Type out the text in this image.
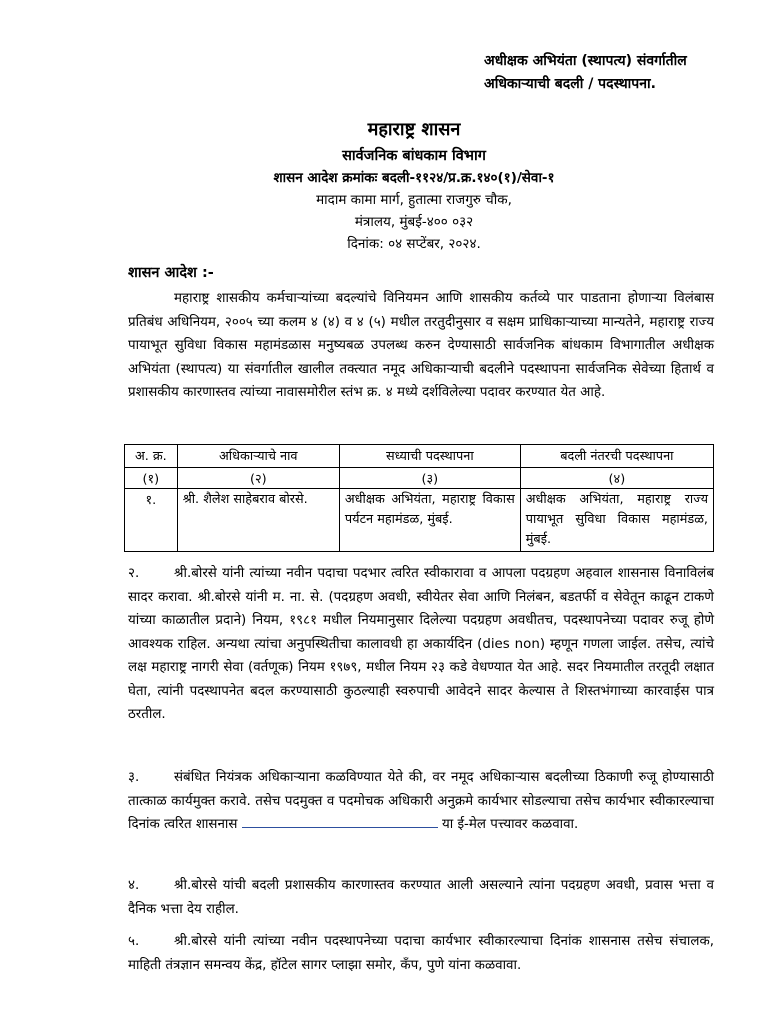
अधीक्षक अभियंता (स्थापत्य) संवर्गातील
अधिकाऱ्याची बदली / पदस्थापना.
महाराष्ट्र शासन
सार्वजनिक बांधकाम विभाग
शासन आदेश क्रमांकः बदली-११२४/प्र.क्र.१४०(१)/सेवा-१
मादाम कामा मार्ग, हुतात्मा राजगुरु चौक,
मंत्रालय, मुंबई-४०० ०३२
दिनांक: ०४ सप्टेंबर, २०२४.
शासन आदेश :-
महाराष्ट्र शासकीय कर्मचाऱ्यांच्या बदल्यांचे विनियमन आणि शासकीय कर्तव्ये पार पाडताना होणाऱ्या विलंबास प्रतिबंध अधिनियम, २००५ च्या कलम ४ (४) व ४ (५) मधील तरतुदीनुसार व सक्षम प्राधिकाऱ्याच्या मान्यतेने, महाराष्ट्र राज्य पायाभूत सुविधा विकास महामंडळास मनुष्यबळ उपलब्ध करुन देण्यासाठी सार्वजनिक बांधकाम विभागातील अधीक्षक अभियंता (स्थापत्य) या संवर्गातील खालील तक्त्यात नमूद अधिकाऱ्याची बदलीने पदस्थापना सार्वजनिक सेवेच्या हितार्थ व प्रशासकीय कारणास्तव त्यांच्या नावासमोरील स्तंभ क्र. ४ मध्ये दर्शविलेल्या पदावर करण्यात येत आहे.
अ. क्र.	अधिकाऱ्याचे नाव	सध्याची पदस्थापना	बदली नंतरची पदस्थापना
(१)	(२)	(३)	(४)
१.	श्री. शैलेश साहेबराव बोरसे.	अधीक्षक अभियंता, महाराष्ट्र विकास पर्यटन महामंडळ, मुंबई.	अधीक्षक अभियंता, महाराष्ट्र राज्य पायाभूत सुविधा विकास महामंडळ, मुंबई.
२.	श्री.बोरसे यांनी त्यांच्या नवीन पदाचा पदभार त्वरित स्वीकारावा व आपला पदग्रहण अहवाल शासनास विनाविलंब सादर करावा. श्री.बोरसे यांनी म. ना. से. (पदग्रहण अवधी, स्वीयेतर सेवा आणि निलंबन, बडतर्फी व सेवेतून काढून टाकणे यांच्या काळातील प्रदाने) नियम, १९८१ मधील नियमानुसार दिलेल्या पदग्रहण अवधीतच, पदस्थापनेच्या पदावर रुजू होणे आवश्यक राहिल. अन्यथा त्यांचा अनुपस्थितीचा कालावधी हा अकार्यदिन (dies non) म्हणून गणला जाईल. तसेच, त्यांचे लक्ष महाराष्ट्र नागरी सेवा (वर्तणूक) नियम १९७९, मधील नियम २३ कडे वेधण्यात येत आहे. सदर नियमातील तरतूदी लक्षात घेता, त्यांनी पदस्थापनेत बदल करण्यासाठी कुठल्याही स्वरुपाची आवेदने सादर केल्यास ते शिस्तभंगाच्या कारवाईस पात्र ठरतील.
३.	संबंधित नियंत्रक अधिकाऱ्याना कळविण्यात येते की, वर नमूद अधिकाऱ्यास बदलीच्या ठिकाणी रुजू होण्यासाठी तात्काळ कार्यमुक्त करावे. तसेच पदमुक्त व पदमोचक अधिकारी अनुक्रमे कार्यभार सोडल्याचा तसेच कार्यभार स्वीकारल्याचा दिनांक त्वरित शासनास	या ई-मेल पत्त्यावर कळवावा.
४.	श्री.बोरसे यांची बदली प्रशासकीय कारणास्तव करण्यात आली असल्याने त्यांना पदग्रहण अवधी, प्रवास भत्ता व दैनिक भत्ता देय राहील.
५.	श्री.बोरसे यांनी त्यांच्या नवीन पदस्थापनेच्या पदाचा कार्यभार स्वीकारल्याचा दिनांक शासनास तसेच संचालक, माहिती तंत्रज्ञान समन्वय केंद्र, हॉटेल सागर प्लाझा समोर, कँप, पुणे यांना कळवावा.
